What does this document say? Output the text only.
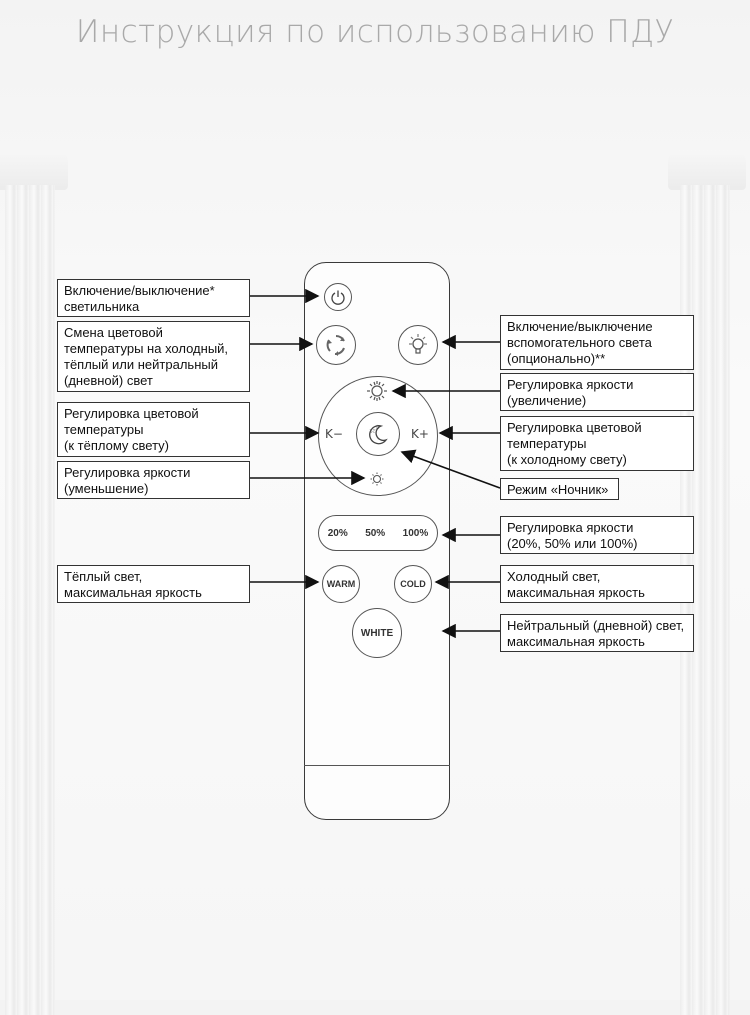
Инструкция по использованию ПДУ
K−	K+
☆
☆
20% 50% 100%
WARM	COLD
WHITE
Включение/выключение*
светильника
Смена цветовой
температуры на холодный,
тёплый или нейтральный
(дневной) свет
Регулировка цветовой
температуры
(к тёплому свету)
Регулировка яркости
(уменьшение)
Тёплый свет,
максимальная яркость
Включение/выключение
вспомогательного света
(опционально)**
Регулировка яркости
(увеличение)
Регулировка цветовой
температуры
(к холодному свету)
Режим «Ночник»
Регулировка яркости
(20%, 50% или 100%)
Холодный свет,
максимальная яркость
Нейтральный (дневной) свет,
максимальная яркость
